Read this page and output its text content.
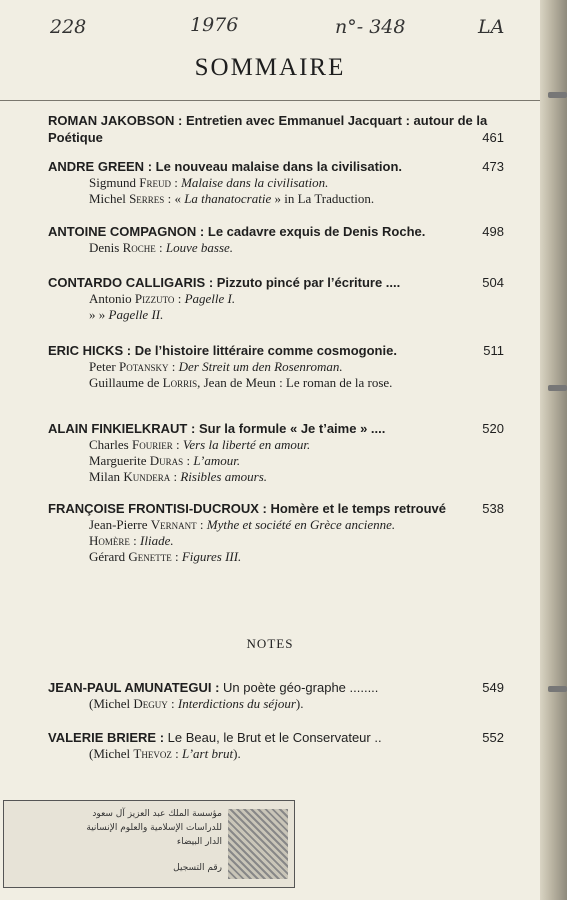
228	1976	n°- 348	LA
SOMMAIRE
ROMAN JAKOBSON : Entretien avec Emmanuel Jacquart : autour de la Poétique	461
ANDRE GREEN : Le nouveau malaise dans la civilisation.	473
Sigmund Freud : Malaise dans la civilisation.
Michel Serres : « La thanatocratie » in La Traduction.
ANTOINE COMPAGNON : Le cadavre exquis de Denis Roche.	498
Denis Roche : Louve basse.
CONTARDO CALLIGARIS : Pizzuto pincé par l’écriture ....	504
Antonio Pizzuto : Pagelle I.
» » Pagelle II.
ERIC HICKS : De l’histoire littéraire comme cosmogonie.	511
Peter Potansky : Der Streit um den Rosenroman.
Guillaume de Lorris, Jean de Meun : Le roman de la rose.
ALAIN FINKIELKRAUT : Sur la formule « Je t’aime » ....	520
Charles Fourier : Vers la liberté en amour.
Marguerite Duras : L’amour.
Milan Kundera : Risibles amours.
FRANÇOISE FRONTISI-DUCROUX : Homère et le temps retrouvé	538
Jean-Pierre Vernant : Mythe et société en Grèce ancienne.
Homère : Iliade.
Gérard Genette : Figures III.
JEAN-PAUL AMUNATEGUI : Un poète géo-graphe ........	549
(Michel Deguy : Interdictions du séjour).
VALERIE BRIERE : Le Beau, le Brut et le Conservateur ..	552
(Michel Thevoz : L’art brut).
NOTES
مؤسسة الملك عبد العزيز آل سعود
للدراسات الإسلامية والعلوم الإنسانية
الدار البيضاء
رقم التسجيل
